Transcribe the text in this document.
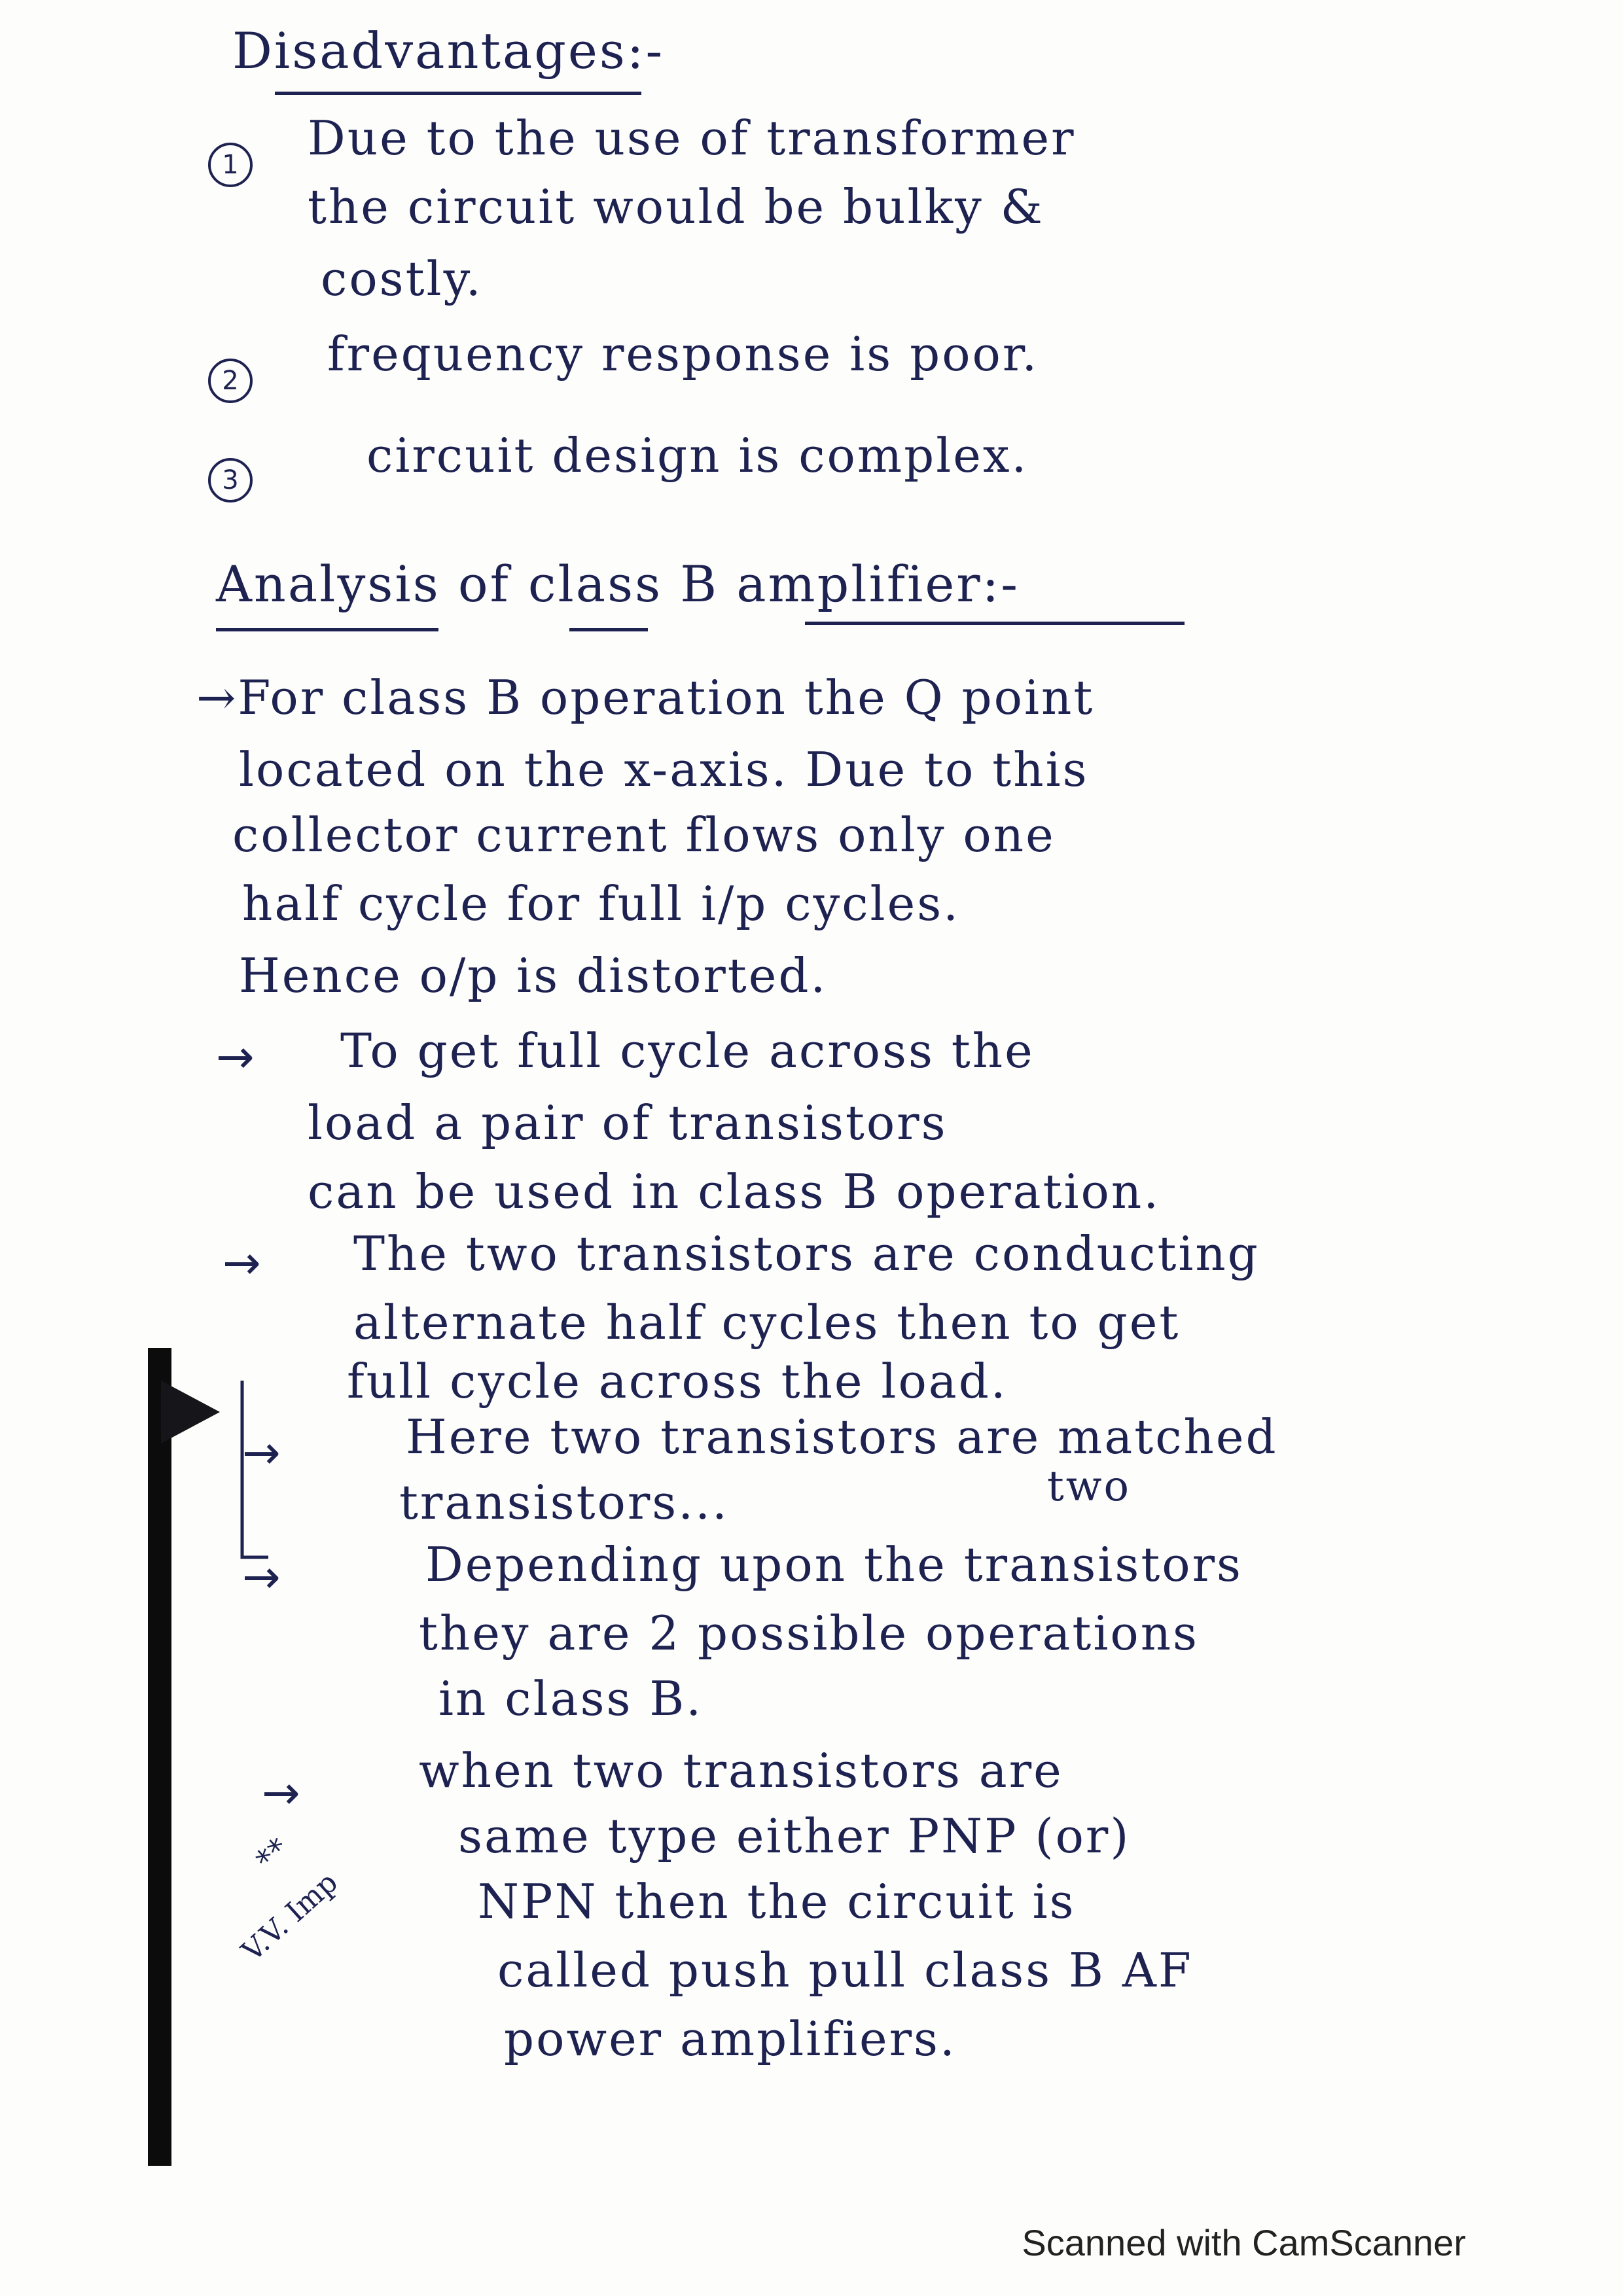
Disadvantages:-
1 Due to the use of transformer
the circuit would be bulky &
costly.
2 frequency response is poor.
3	circuit design is complex.
Analysis of class B amplifier:-
→For class B operation the Q point
located on the x-axis. Due to this
collector current flows only one
half cycle for full i/p cycles.
Hence o/p is distorted.
→ To get full cycle across the
load a pair of transistors
can be used in class B operation.
→ The two transistors are conducting
alternate half cycles then to get
full cycle across the load.
→	Here two transistors are matched
transistors...	two
→	Depending upon the transistors
they are 2 possible operations
in class B.
→	when two transistors are
same type either PNP (or)
NPN then the circuit is
called push pull class B AF
power amplifiers.
**
V.V. Imp
Scanned with CamScanner
